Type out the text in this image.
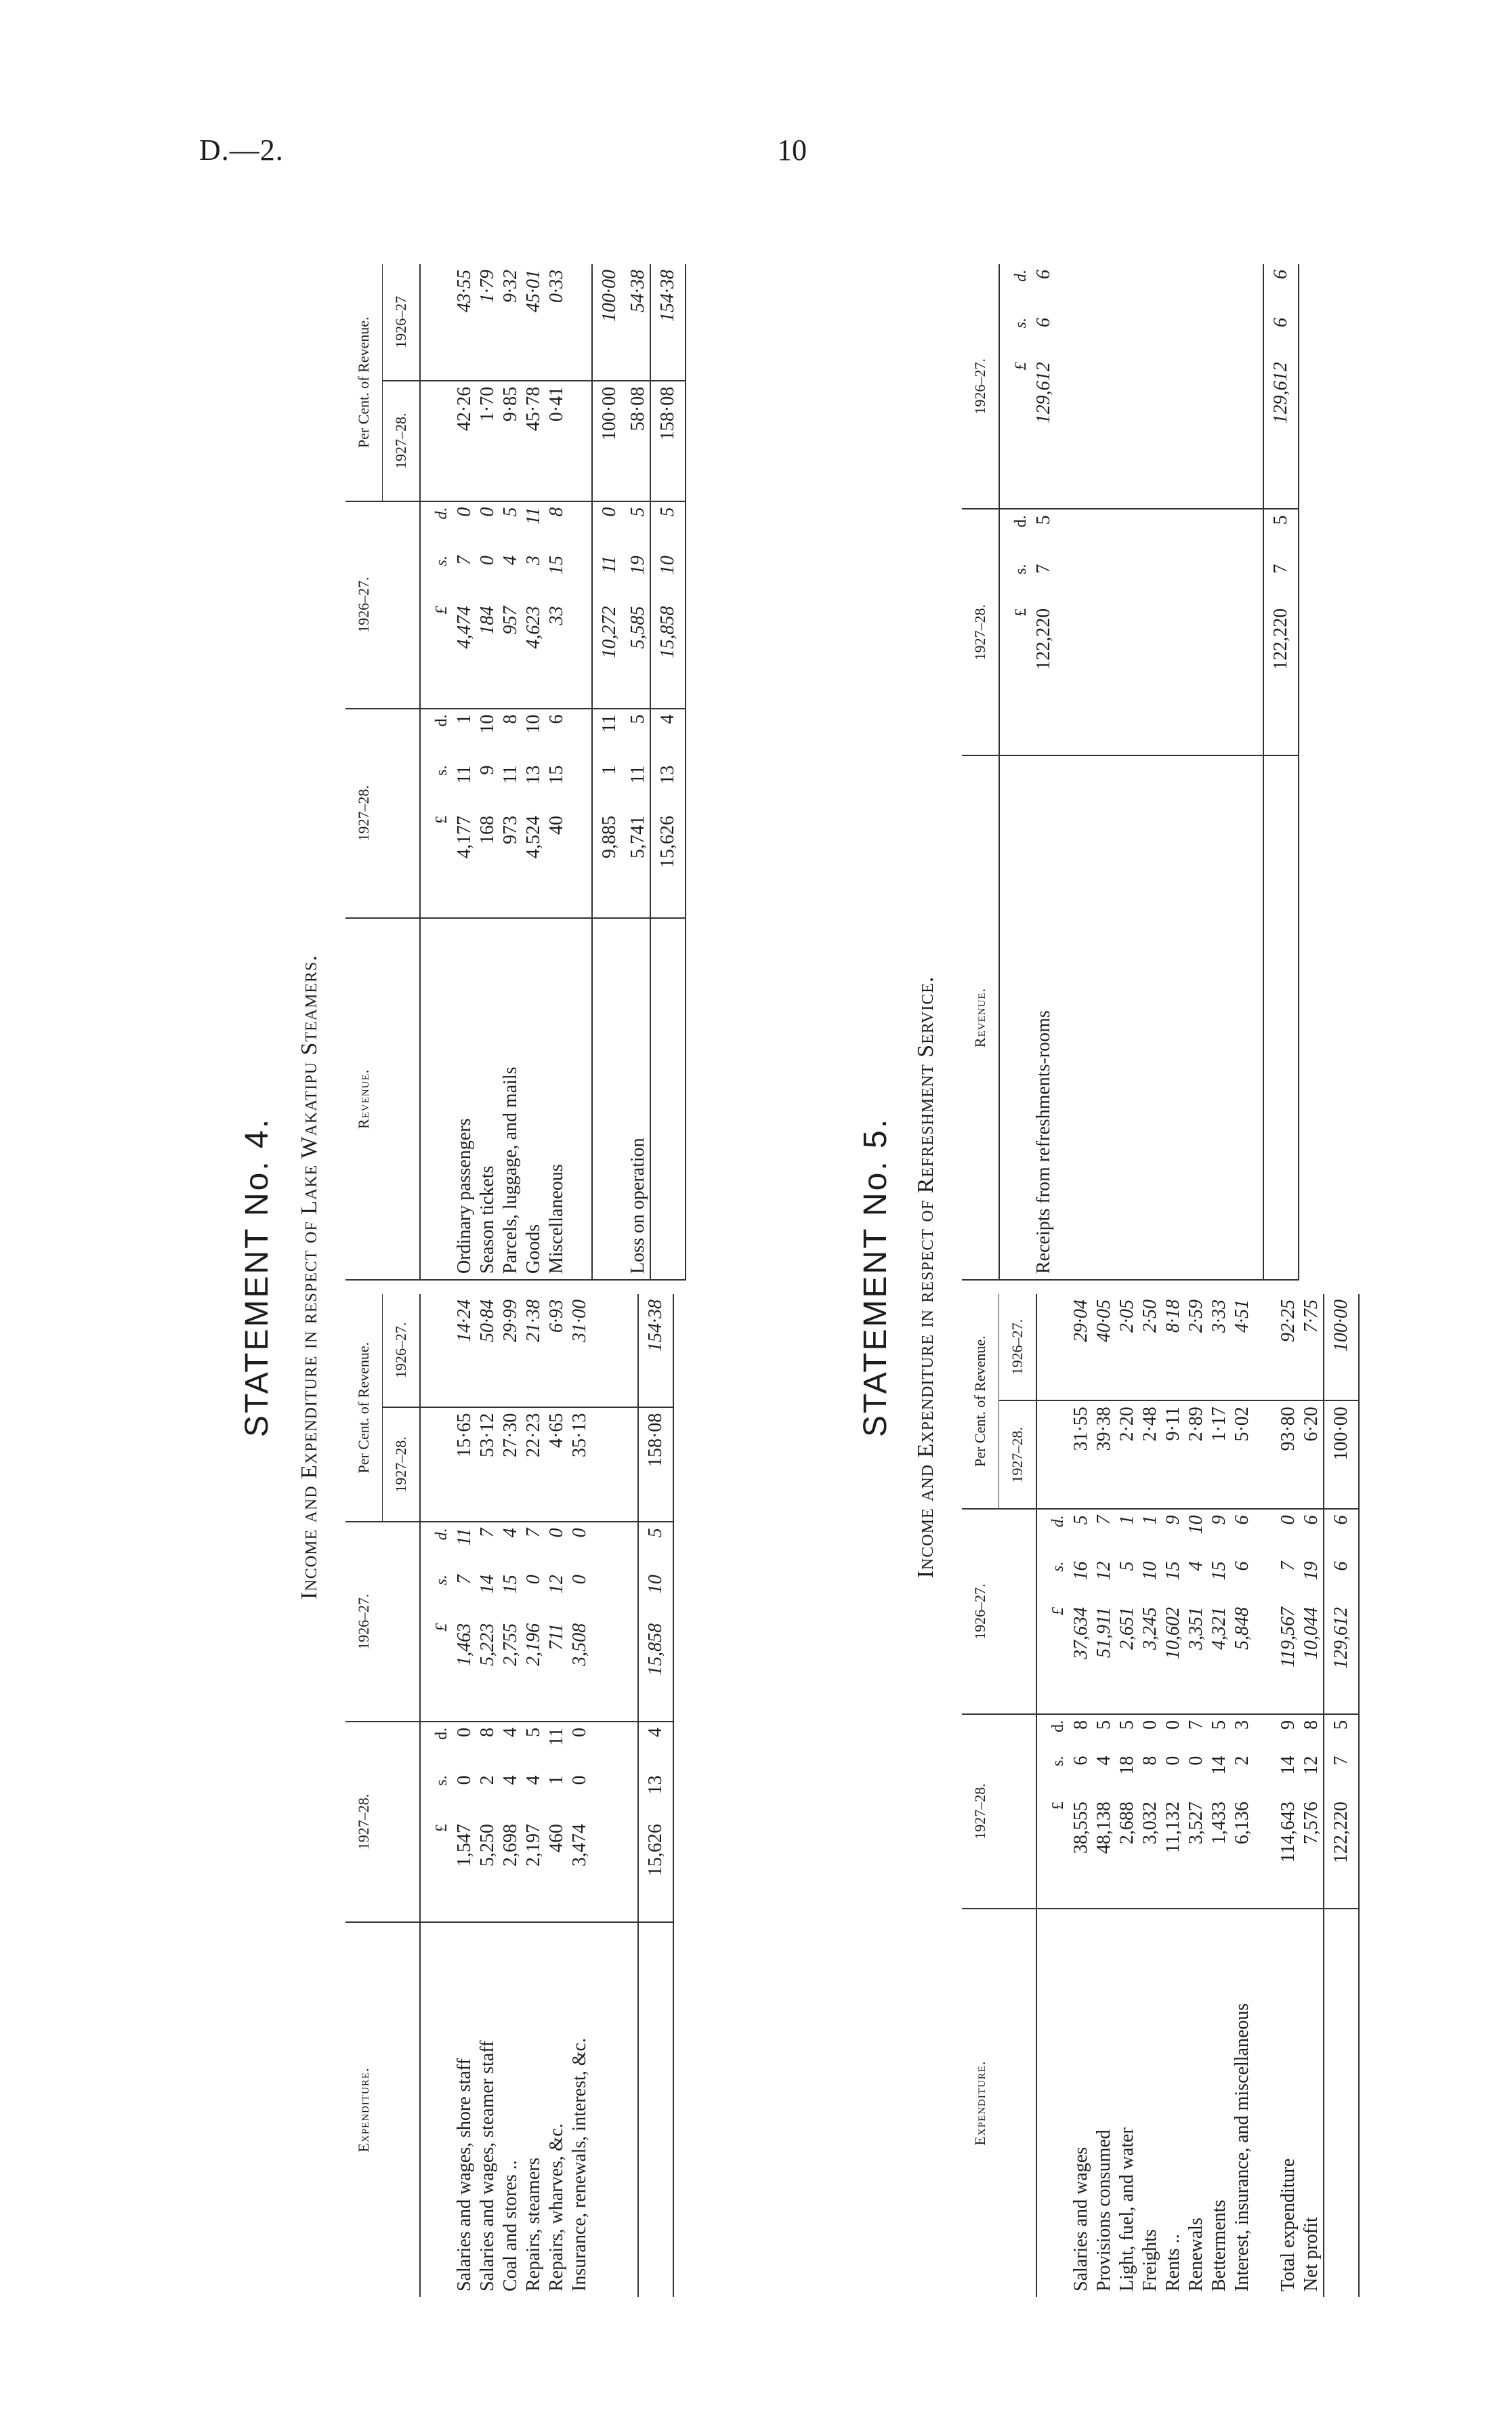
D.—2.	10
STATEMENT No. 4. Income and Expenditure in respect of Lake Wakatipu Steamers.
Expenditure.	1927–28.			1926–27.			Per Cent. of Revenue.	
							1927–28.	1926–27.
	£	s.	d.	£	s.	d.		
Salaries and wages, shore staff	1,547	0	0	1,463	7	11	15·65	14·24
Salaries and wages, steamer staff	5,250	2	8	5,223	14	7	53·12	50·84
Coal and stores ..	2,698	4	4	2,755	15	4	27·30	29·99
Repairs, steamers	2,197	4	5	2,196	0	7	22·23	21·38
Repairs, wharves, &c.	460	1	11	711	12	0	4·65	6·93
Insurance, renewals, interest, &c.	3,474	0	0	3,508	0	0	35·13	31·00

	15,626	13	4	15,858	10	5	158·08	154·38
Revenue.	1927–28.			1926–27.			Per Cent. of Revenue.	
							1927–28.	1926–27
	£	s.	d.	£	s.	d.		
Ordinary passengers	4,177	11	1	4,474	7	0	42·26	43·55
Season tickets	168	9	10	184	0	0	1·70	1·79
Parcels, luggage, and mails	973	11	8	957	4	5	9·85	9·32
Goods	4,524	13	10	4,623	3	11	45·78	45·01
Miscellaneous	40	15	6	33	15	8	0·41	0·33

	9,885	1	11	10,272	11	0	100·00	100·00
Loss on operation	5,741	11	5	5,585	19	5	58·08	54·38
	15,626	13	4	15,858	10	5	158·08	154·38
STATEMENT No. 5. Income and Expenditure in respect of Refreshment Service.
Expenditure.	1927–28.			1926–27.			Per Cent. of Revenue.	
							1927–28.	1926–27.
	£	s.	d.	£	s.	d.		
Salaries and wages	38,555	6	8	37,634	16	5	31·55	29·04
Provisions consumed	48,138	4	5	51,911	12	7	39·38	40·05
Light, fuel, and water	2,688	18	5	2,651	5	1	2·20	2·05
Freights	3,032	8	0	3,245	10	1	2·48	2·50
Rents ..	11,132	0	0	10,602	15	9	9·11	8·18
Renewals	3,527	0	7	3,351	4	10	2·89	2·59
Betterments	1,433	14	5	4,321	15	9	1·17	3·33
Interest, insurance, and miscellaneous	6,136	2	3	5,848	6	6	5·02	4·51

Total expenditure	114,643	14	9	119,567	7	0	93·80	92·25
Net profit	7,576	12	8	10,044	19	6	6·20	7·75
	122,220	7	5	129,612	6	6	100·00	100·00
Revenue.	1927–28.			1926–27.		
	£	s.	d.	£	s.	d.
Receipts from refreshments-rooms	122,220	7	5	129,612	6	6

	122,220	7	5	129,612	6	6
